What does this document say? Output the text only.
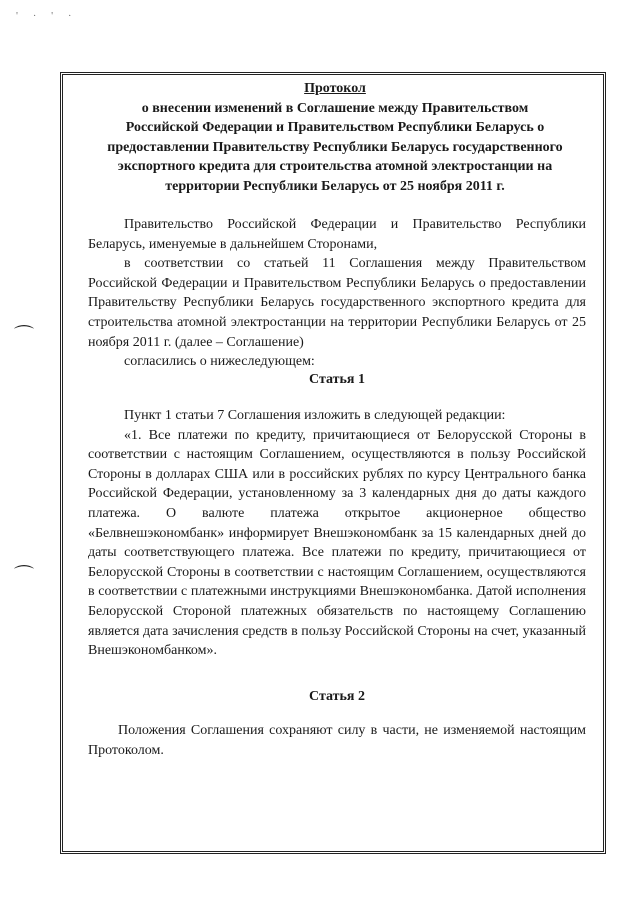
' · ' ·
⌒
⌒
Протокол
о внесении изменений в Соглашение между Правительством
Российской Федерации и Правительством Республики Беларусь о
предоставлении Правительству Республики Беларусь государственного
экспортного кредита для строительства атомной электростанции на
территории Республики Беларусь от 25 ноября 2011 г.

Правительство Российской Федерации и Правительство Республики Беларусь, именуемые в дальнейшем Сторонами,

в соответствии со статьей 11 Соглашения между Правительством Российской Федерации и Правительством Республики Беларусь о предоставлении Правительству Республики Беларусь государственного экспортного кредита для строительства атомной электростанции на территории Республики Беларусь от 25 ноября 2011 г. (далее – Соглашение)

согласились о нижеследующем:

Статья 1

Пункт 1 статьи 7 Соглашения изложить в следующей редакции:

«1. Все платежи по кредиту, причитающиеся от Белорусской Стороны в соответствии с настоящим Соглашением, осуществляются в пользу Российской Стороны в долларах США или в российских рублях по курсу Центрального банка Российской Федерации, установленному за 3 календарных дня до даты каждого платежа. О валюте платежа открытое акционерное общество «Белвнешэкономбанк» информирует Внешэкономбанк за 15 календарных дней до даты соответствующего платежа. Все платежи по кредиту, причитающиеся от Белорусской Стороны в соответствии с настоящим Соглашением, осуществляются в соответствии с платежными инструкциями Внешэкономбанка. Датой исполнения Белорусской Стороной платежных обязательств по настоящему Соглашению является дата зачисления средств в пользу Российской Стороны на счет, указанный Внешэкономбанком».

Статья 2

Положения Соглашения сохраняют силу в части, не изменяемой настоящим Протоколом.
